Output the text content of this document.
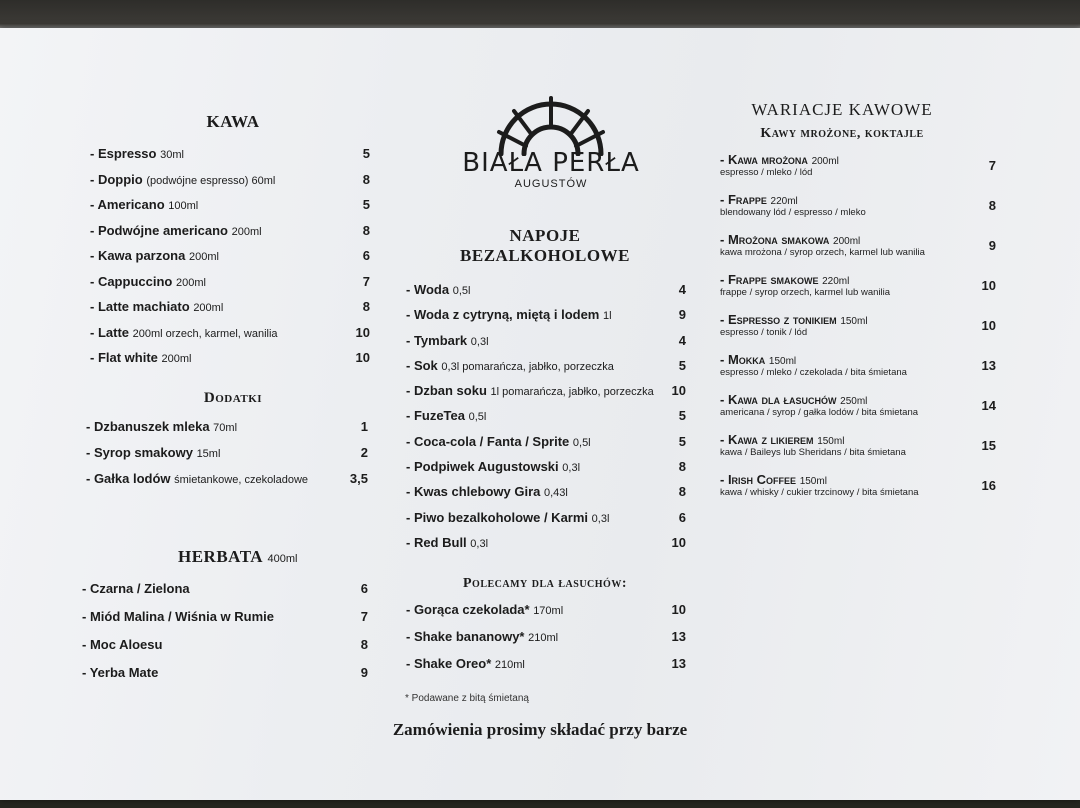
KAWA
- Espresso 30ml	5
- Doppio (podwójne espresso) 60ml	8
- Americano 100ml	5
- Podwójne americano 200ml	8
- Kawa parzona 200ml	6
- Cappuccino 200ml	7
- Latte machiato 200ml	8
- Latte 200ml orzech, karmel, wanilia	10
- Flat white 200ml	10
Dodatki
- Dzbanuszek mleka 70ml	1
- Syrop smakowy 15ml	2
- Gałka lodów śmietankowe, czekoladowe	3,5
HERBATA 400ml
- Czarna / Zielona	6
- Miód Malina / Wiśnia w Rumie	7
- Moc Aloesu	8
- Yerba Mate	9
BIAŁA PERŁA
AUGUSTÓW
NAPOJE
BEZALKOHOLOWE
- Woda 0,5l	4
- Woda z cytryną, miętą i lodem 1l	9
- Tymbark 0,3l	4
- Sok 0,3l pomarańcza, jabłko, porzeczka	5
- Dzban soku 1l pomarańcza, jabłko, porzeczka 10
- FuzeTea 0,5l	5
- Coca-cola / Fanta / Sprite 0,5l	5
- Podpiwek Augustowski 0,3l	8
- Kwas chlebowy Gira 0,43l	8
- Piwo bezalkoholowe / Karmi 0,3l	6
- Red Bull 0,3l	10
Polecamy dla łasuchów:
- Gorąca czekolada* 170ml	10
- Shake bananowy* 210ml	13
- Shake Oreo* 210ml	13
* Podawane z bitą śmietaną
WARIACJE KAWOWE
Kawy mrożone, koktajle
- Kawa mrożona 200ml
espresso / mleko / lód	7
- Frappe 220ml
blendowany lód / espresso / mleko	8
- Mrożona smakowa 200ml
kawa mrożona / syrop orzech, karmel lub wanilia	9
- Frappe smakowe 220ml
frappe / syrop orzech, karmel lub wanilia	10
- Espresso z tonikiem 150ml
espresso / tonik / lód	10
- Mokka 150ml
espresso / mleko / czekolada / bita śmietana	13
- Kawa dla łasuchów 250ml
americana / syrop / gałka lodów / bita śmietana	14
- Kawa z likierem 150ml
kawa / Baileys lub Sheridans / bita śmietana	15
- Irish Coffee 150ml
kawa / whisky / cukier trzcinowy / bita śmietana	16
Zamówienia prosimy składać przy barze
